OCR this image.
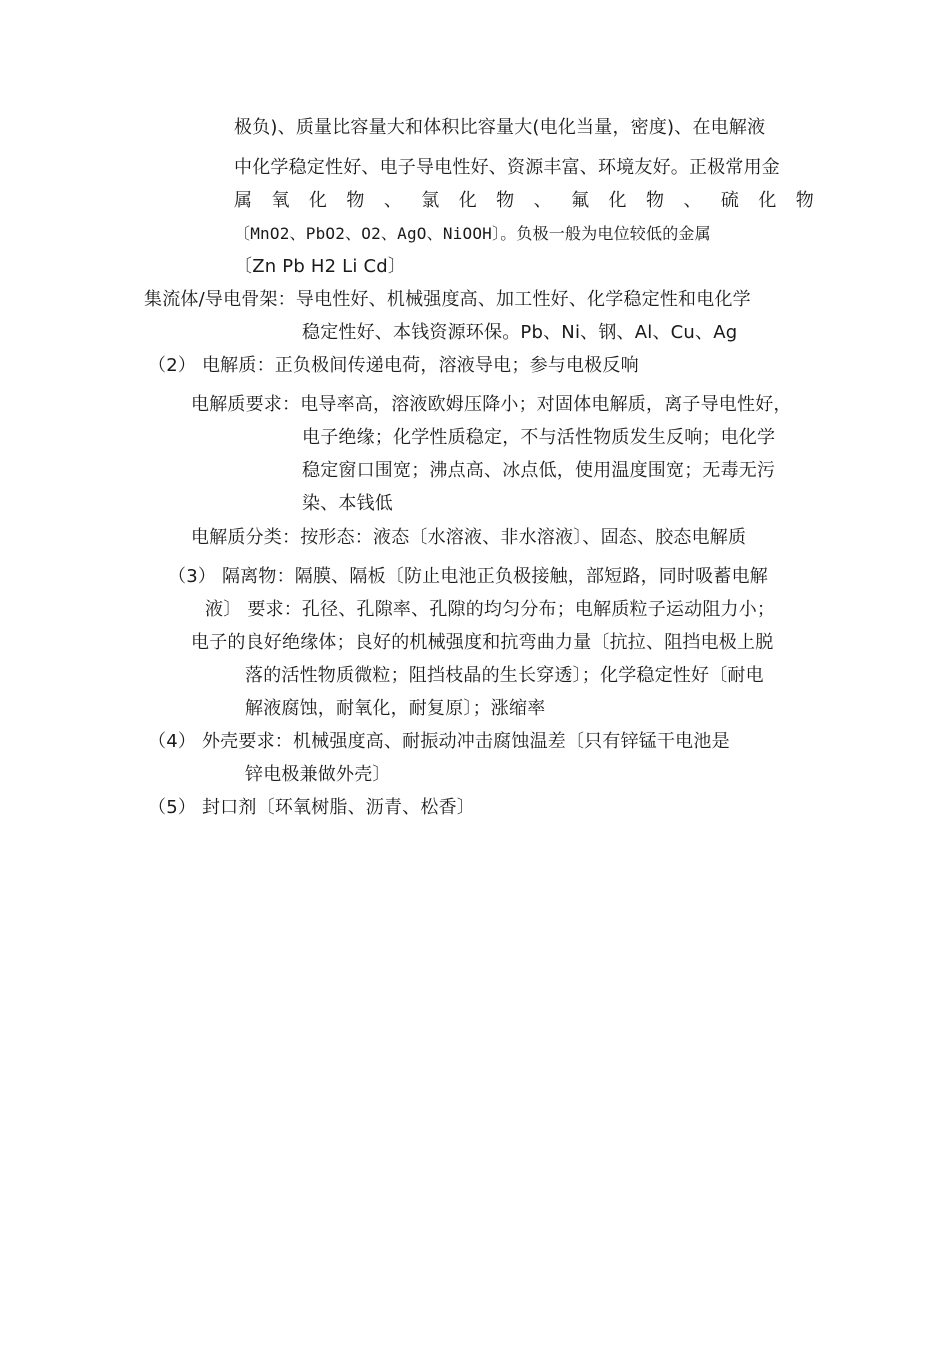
极负)、质量比容量大和体积比容量大(电化当量，密度)、在电解液
中化学稳定性好、电子导电性好、资源丰富、环境友好。正极常用金
属 氧 化 物 、 氯 化 物 、 氟 化 物 、 硫 化 物
〔MnO2、PbO2、O2、AgO、NiOOH〕。负极一般为电位较低的金属
〔Zn Pb H2 Li Cd〕
集流体/导电骨架：导电性好、机械强度高、加工性好、化学稳定性和电化学
稳定性好、本钱资源环保。Pb、Ni、钢、Al、Cu、Ag
（2） 电解质：正负极间传递电荷，溶液导电；参与电极反响
电解质要求：电导率高，溶液欧姆压降小；对固体电解质，离子导电性好，
电子绝缘；化学性质稳定，不与活性物质发生反响；电化学
稳定窗口围宽；沸点高、冰点低，使用温度围宽；无毒无污
染、本钱低
电解质分类：按形态：液态〔水溶液、非水溶液〕、固态、胶态电解质
（3） 隔离物：隔膜、隔板〔防止电池正负极接触，部短路，同时吸蓄电解
液〕 要求：孔径、孔隙率、孔隙的均匀分布；电解质粒子运动阻力小；
电子的良好绝缘体；良好的机械强度和抗弯曲力量〔抗拉、阻挡电极上脱
落的活性物质微粒；阻挡枝晶的生长穿透〕；化学稳定性好〔耐电
解液腐蚀，耐氧化，耐复原〕；涨缩率
（4） 外壳要求：机械强度高、耐振动冲击腐蚀温差〔只有锌锰干电池是
锌电极兼做外壳〕
（5） 封口剂〔环氧树脂、沥青、松香〕
